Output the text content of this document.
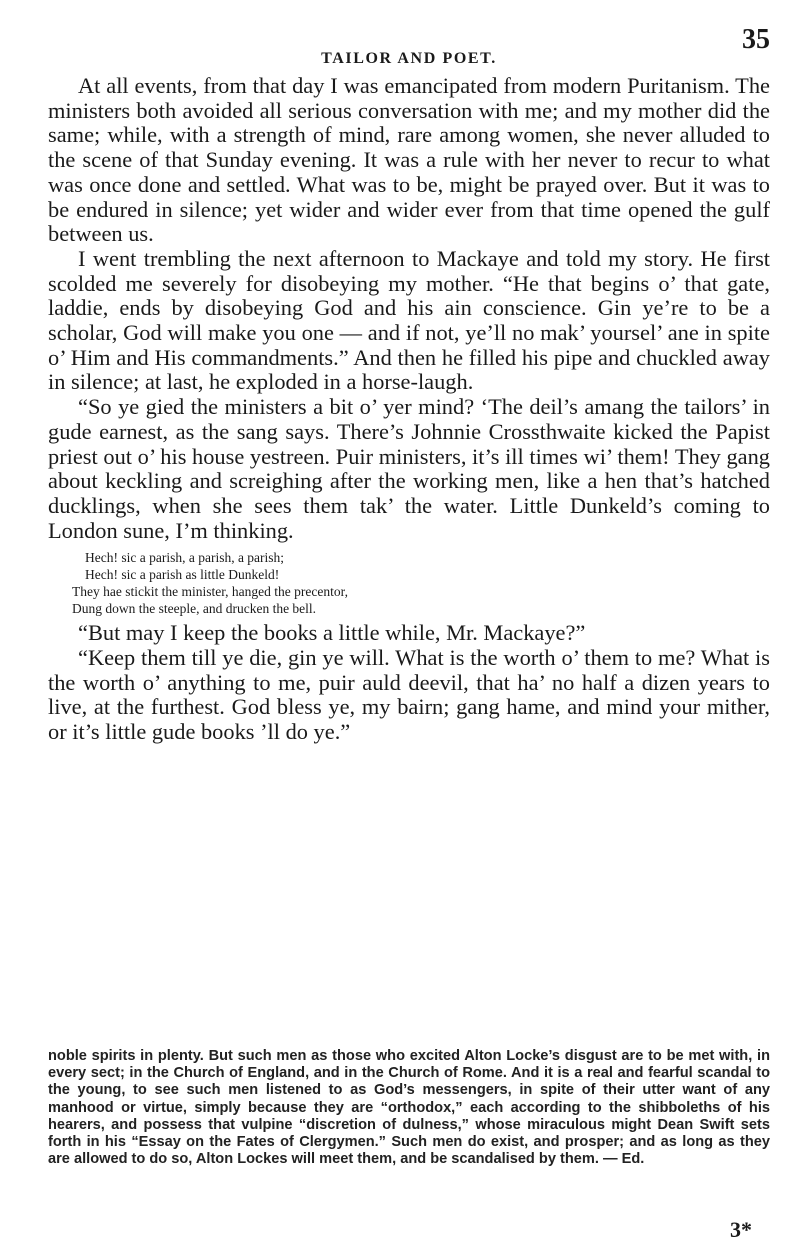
TAILOR AND POET.
35

At all events, from that day I was emancipated from modern Puritanism. The ministers both avoided all serious conversation with me; and my mother did the same; while, with a strength of mind, rare among women, she never alluded to the scene of that Sunday evening. It was a rule with her never to recur to what was once done and settled. What was to be, might be prayed over. But it was to be endured in silence; yet wider and wider ever from that time opened the gulf between us.

I went trembling the next afternoon to Mackaye and told my story. He first scolded me severely for disobeying my mother. “He that begins o’ that gate, laddie, ends by disobeying God and his ain conscience. Gin ye’re to be a scholar, God will make you one — and if not, ye’ll no mak’ yoursel’ ane in spite o’ Him and His commandments.” And then he filled his pipe and chuckled away in silence; at last, he exploded in a horse-laugh.

“So ye gied the ministers a bit o’ yer mind? ‘The deil’s amang the tailors’ in gude earnest, as the sang says. There’s Johnnie Crossthwaite kicked the Papist priest out o’ his house yestreen. Puir ministers, it’s ill times wi’ them! They gang about keckling and screighing after the working men, like a hen that’s hatched ducklings, when she sees them tak’ the water. Little Dunkeld’s coming to London sune, I’m thinking.

Hech! sic a parish, a parish, a parish;
Hech! sic a parish as little Dunkeld!
They hae stickit the minister, hanged the precentor,
Dung down the steeple, and drucken the bell.

“But may I keep the books a little while, Mr. Mackaye?”

“Keep them till ye die, gin ye will. What is the worth o’ them to me? What is the worth o’ anything to me, puir auld deevil, that ha’ no half a dizen years to live, at the furthest. God bless ye, my bairn; gang hame, and mind your mither, or it’s little gude books ’ll do ye.”

noble spirits in plenty. But such men as those who excited Alton Locke’s disgust are to be met with, in every sect; in the Church of England, and in the Church of Rome. And it is a real and fearful scandal to the young, to see such men listened to as God’s messengers, in spite of their utter want of any manhood or virtue, simply because they are “orthodox,” each according to the shibboleths of his hearers, and possess that vulpine “discretion of dulness,” whose miraculous might Dean Swift sets forth in his “Essay on the Fates of Clergymen.” Such men do exist, and prosper; and as long as they are allowed to do so, Alton Lockes will meet them, and be scandalised by them. — Ed.
3*
